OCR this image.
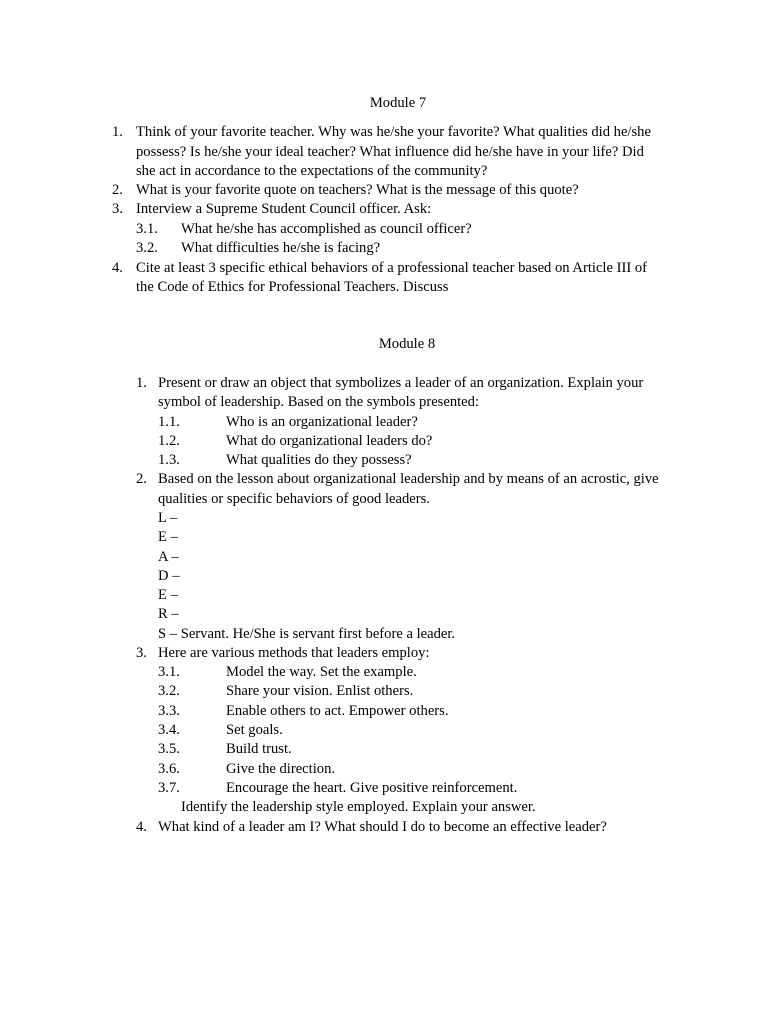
Module 7
1. Think of your favorite teacher. Why was he/she your favorite? What qualities did he/she
possess? Is he/she your ideal teacher? What influence did he/she have in your life? Did
she act in accordance to the expectations of the community?
2. What is your favorite quote on teachers? What is the message of this quote?
3. Interview a Supreme Student Council officer. Ask:
3.1. What he/she has accomplished as council officer?
3.2. What difficulties he/she is facing?
4. Cite at least 3 specific ethical behaviors of a professional teacher based on Article III of
the Code of Ethics for Professional Teachers. Discuss
Module 8
1. Present or draw an object that symbolizes a leader of an organization. Explain your
symbol of leadership. Based on the symbols presented:
1.1.	Who is an organizational leader?
1.2.	What do organizational leaders do?
1.3.	What qualities do they possess?
2. Based on the lesson about organizational leadership and by means of an acrostic, give
qualities or specific behaviors of good leaders.
L –
E –
A –
D –
E –
R –
S – Servant. He/She is servant first before a leader.
3. Here are various methods that leaders employ:
3.1.	Model the way. Set the example.
3.2.	Share your vision. Enlist others.
3.3.	Enable others to act. Empower others.
3.4.	Set goals.
3.5.	Build trust.
3.6.	Give the direction.
3.7.	Encourage the heart. Give positive reinforcement.
Identify the leadership style employed. Explain your answer.
4. What kind of a leader am I? What should I do to become an effective leader?
